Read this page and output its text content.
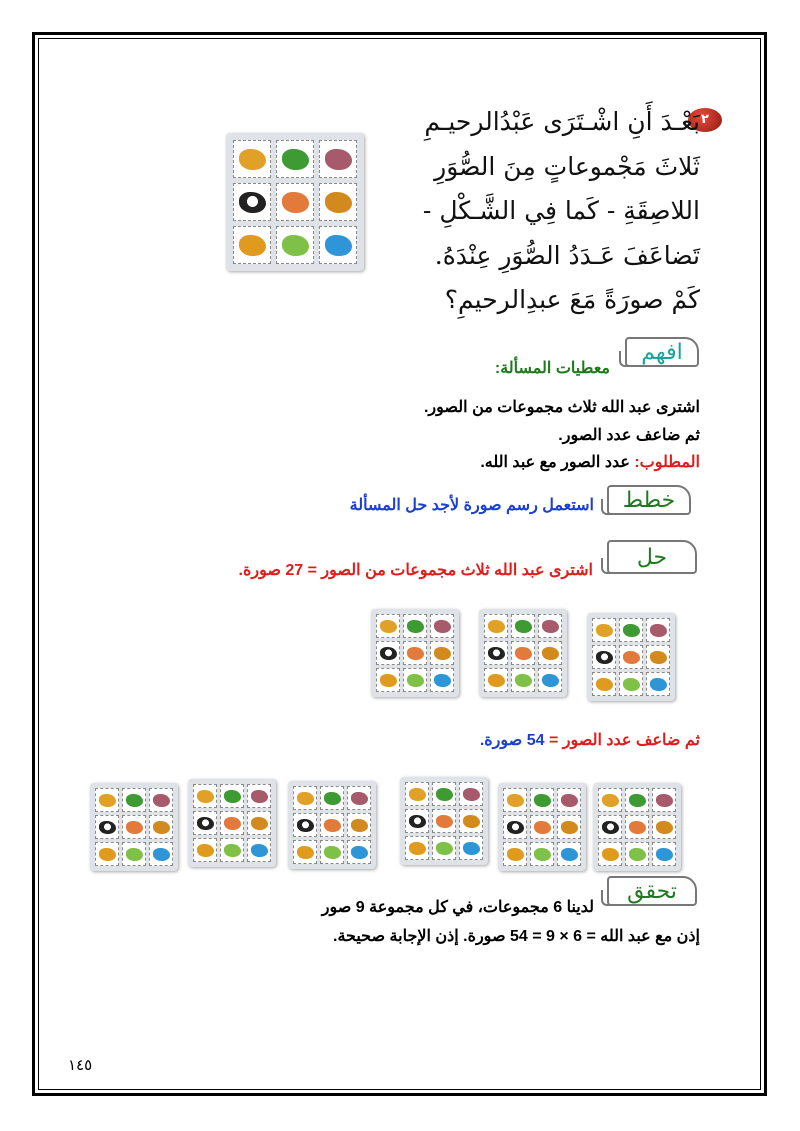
٢
بَعْـدَ أَنِ اشْـتَرَى عَبْدُالرحيـمِ
ثَلاثَ مَجْموعاتٍ مِنَ الصُّوَرِ
اللاصِقَةِ - كَما فِي الشَّـكْلِ -
تَضاعَفَ عَـدَدُ الصُّوَرِ عِنْدَهُ.
كَمْ صورَةً مَعَ عبدِالرحيمِ؟
افهم
معطيات المسألة:
اشترى عبد الله ثلاث مجموعات من الصور.
ثم ضاعف عدد الصور.
المطلوب: عدد الصور مع عبد الله.
خطط
استعمل رسم صورة لأجد حل المسألة
حل
اشترى عبد الله ثلاث مجموعات من الصور = 27 صورة.
ثم ضاعف عدد الصور = 54 صورة.
تحقق
لدينا 6 مجموعات، في كل مجموعة 9 صور
إذن مع عبد الله = 6 × 9 = 54 صورة. إذن الإجابة صحيحة.
١٤٥
